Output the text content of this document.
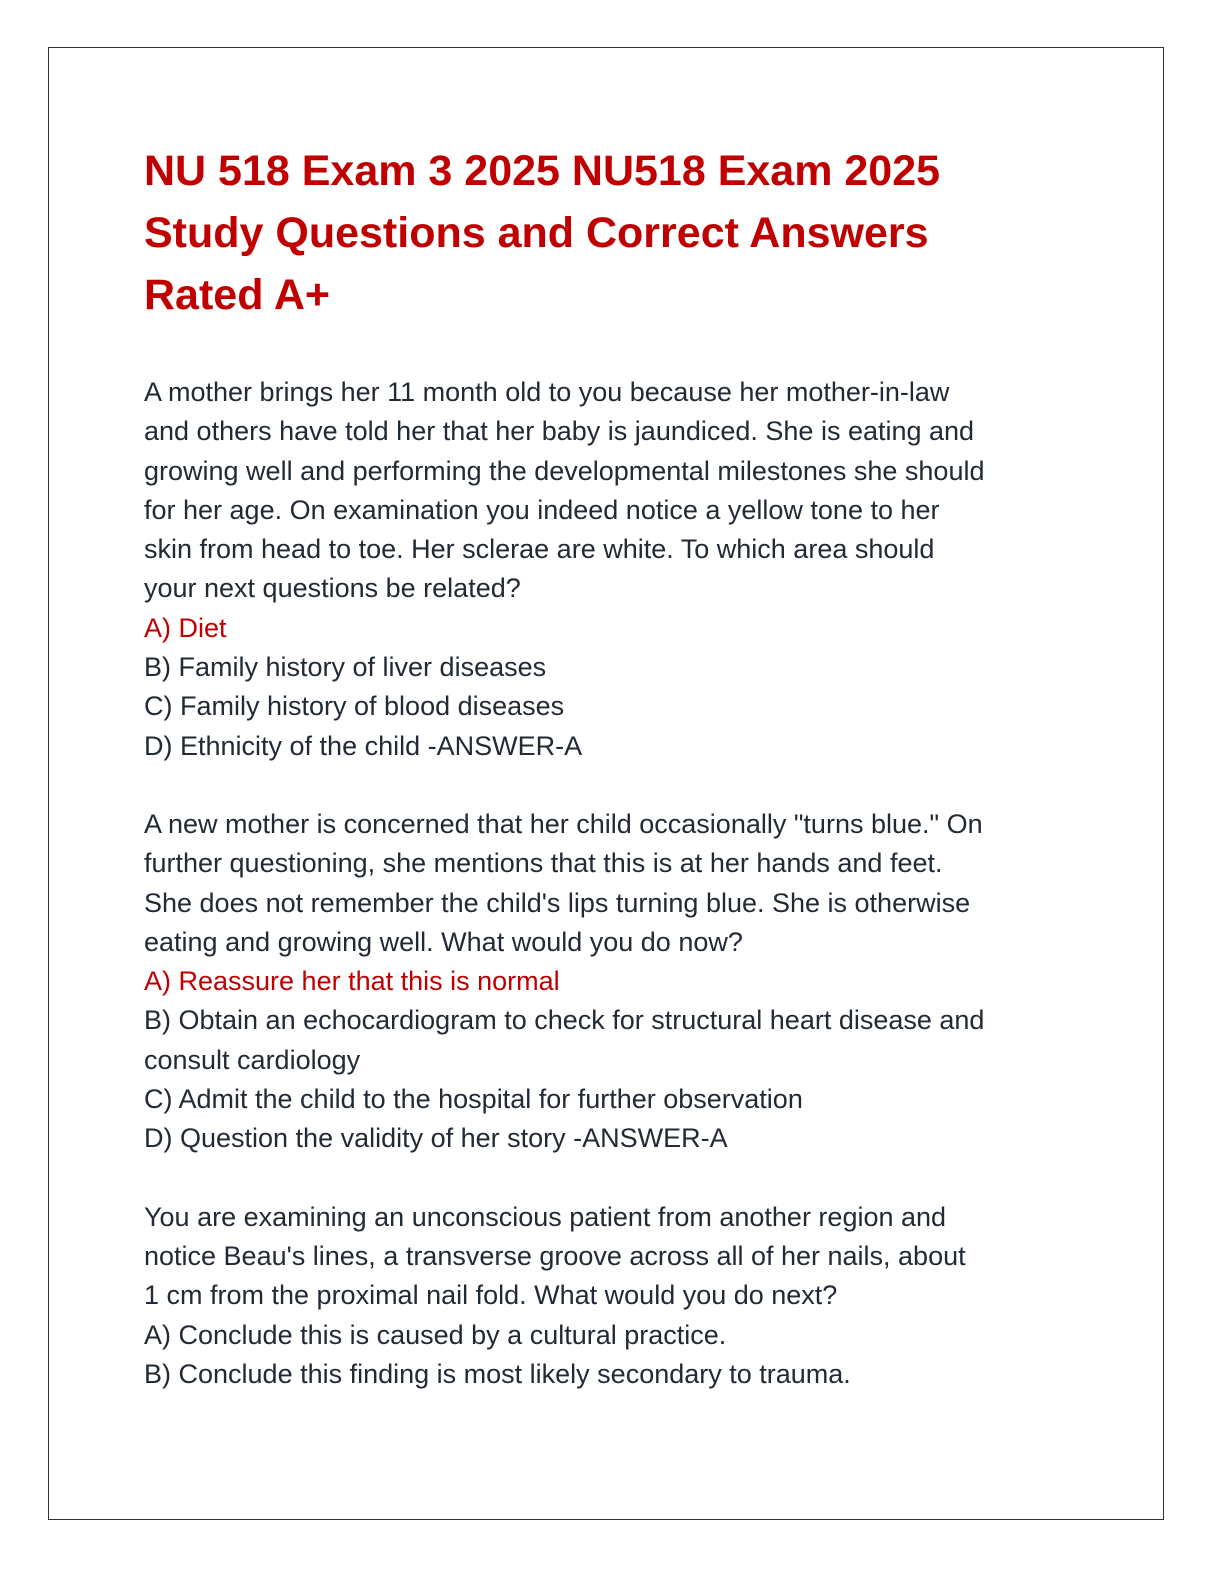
NU 518 Exam 3 2025 NU518 Exam 2025
Study Questions and Correct Answers
Rated A+
A mother brings her 11 month old to you because her mother-in-law
and others have told her that her baby is jaundiced. She is eating and
growing well and performing the developmental milestones she should
for her age. On examination you indeed notice a yellow tone to her
skin from head to toe. Her sclerae are white. To which area should
your next questions be related?
A) Diet
B) Family history of liver diseases
C) Family history of blood diseases
D) Ethnicity of the child -ANSWER-A
A new mother is concerned that her child occasionally "turns blue." On
further questioning, she mentions that this is at her hands and feet.
She does not remember the child's lips turning blue. She is otherwise
eating and growing well. What would you do now?
A) Reassure her that this is normal
B) Obtain an echocardiogram to check for structural heart disease and
consult cardiology
C) Admit the child to the hospital for further observation
D) Question the validity of her story -ANSWER-A
You are examining an unconscious patient from another region and
notice Beau's lines, a transverse groove across all of her nails, about
1 cm from the proximal nail fold. What would you do next?
A) Conclude this is caused by a cultural practice.
B) Conclude this finding is most likely secondary to trauma.
